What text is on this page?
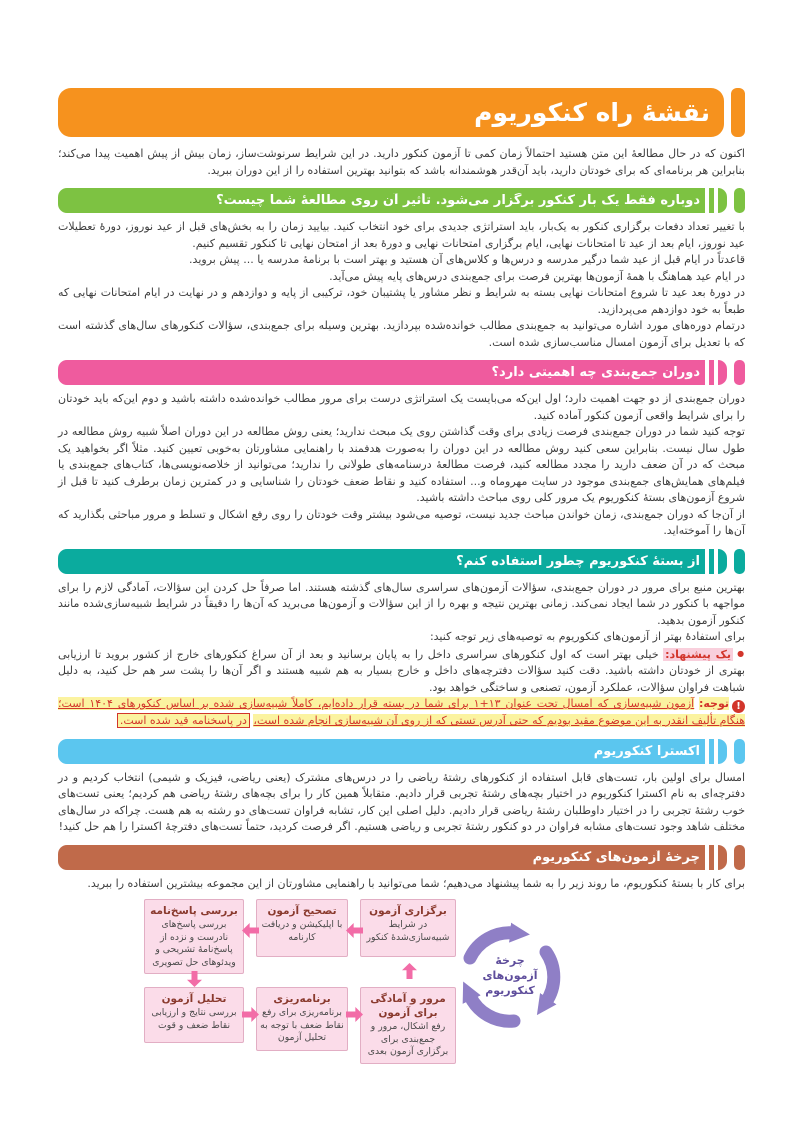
نقشهٔ راه کنکوریوم

اکنون که در حال مطالعهٔ این متن هستید احتمالاً زمان کمی تا آزمون کنکور دارید. در این شرایط سرنوشت‌ساز، زمان بیش از پیش اهمیت پیدا می‌کند؛ بنابراین هر برنامه‌ای که برای خودتان دارید، باید آن‌قدر هوشمندانه باشد که بتوانید بهترین استفاده را از این دوران ببرید.

دوباره فقط یک بار کنکور برگزار می‌شود. تأثیر آن روی مطالعهٔ شما چیست؟

با تغییر تعداد دفعات برگزاری کنکور به یک‌بار، باید استراتژی جدیدی برای خود انتخاب کنید. بیایید زمان را به بخش‌های قبل از عید نوروز، دورهٔ تعطیلات عید نوروز، ایام بعد از عید تا امتحانات نهایی، ایام برگزاری امتحانات نهایی و دورهٔ بعد از امتحان نهایی تا کنکور تقسیم کنیم.

قاعدتاً در ایام قبل از عید شما درگیر مدرسه و درس‌ها و کلاس‌های آن هستید و بهتر است با برنامهٔ مدرسه یا ... پیش بروید.

در ایام عید هماهنگ با همهٔ آزمون‌ها بهترین فرصت برای جمع‌بندی درس‌های پایه پیش می‌آید.

در دورهٔ بعد عید تا شروع امتحانات نهایی بسته به شرایط و نظر مشاور یا پشتیبان خود، ترکیبی از پایه و دوازدهم و در نهایت در ایام امتحانات نهایی که طبعاً به خود دوازدهم می‌پردازید.

درتمام دوره‌های مورد اشاره می‌توانید به جمع‌بندی مطالب خوانده‌شده بپردازید. بهترین وسیله برای جمع‌بندی، سؤالات کنکورهای سال‌های گذشته است که با تعدیل برای آزمون امسال مناسب‌سازی شده است.

دوران جمع‌بندی چه اهمیتی دارد؟

دوران جمع‌بندی از دو جهت اهمیت دارد؛ اول این‌که می‌بایست یک استراتژی درست برای مرور مطالب خوانده‌شده داشته باشید و دوم این‌که باید خودتان را برای شرایط واقعی آزمون کنکور آماده کنید.

توجه کنید شما در دوران جمع‌بندی فرصت زیادی برای وقت گذاشتن روی یک مبحث ندارید؛ یعنی روش مطالعه در این دوران اصلاً شبیه روش مطالعه در طول سال نیست. بنابراین سعی کنید روش مطالعه در این دوران را به‌صورت هدفمند با راهنمایی مشاورتان به‌خوبی تعیین کنید. مثلاً اگر بخواهید یک مبحث که در آن ضعف دارید را مجدد مطالعه کنید، فرصت مطالعهٔ درسنامه‌های طولانی را ندارید؛ می‌توانید از خلاصه‌نویسی‌ها، کتاب‌های جمع‌بندی یا فیلم‌های همایش‌های جمع‌بندی موجود در سایت مهروماه و... استفاده کنید و نقاط ضعف خودتان را شناسایی و در کمترین زمان برطرف کنید تا قبل از شروع آزمون‌های بستهٔ کنکوریوم یک مرور کلی روی مباحث داشته باشید.

از آن‌جا که دوران جمع‌بندی، زمان خواندن مباحث جدید نیست، توصیه می‌شود بیشتر وقت خودتان را روی رفع اشکال و تسلط و مرور مباحثی بگذارید که آن‌ها را آموخته‌اید.

از بستهٔ کنکوریوم چطور استفاده کنم؟

بهترین منبع برای مرور در دوران جمع‌بندی، سؤالات آزمون‌های سراسری سال‌های گذشته هستند. اما صرفاً حل کردن این سؤالات، آمادگی لازم را برای مواجهه با کنکور در شما ایجاد نمی‌کند. زمانی بهترین نتیجه و بهره را از این سؤالات و آزمون‌ها می‌برید که آن‌ها را دقیقاً در شرایط شبیه‌سازی‌شده مانند کنکور آزمون بدهید.

برای استفادهٔ بهتر از آزمون‌های کنکوریوم به توصیه‌های زیر توجه کنید:

●یک پیشنهاد: خیلی بهتر است که اول کنکورهای سراسری داخل را به پایان برسانید و بعد از آن سراغ کنکورهای خارج از کشور بروید تا ارزیابی بهتری از خودتان داشته باشید. دقت کنید سؤالات دفترچه‌های داخل و خارج بسیار به هم شبیه هستند و اگر آن‌ها را پشت سر هم حل کنید، به دلیل شباهت فراوان سؤالات، عملکرد آزمون، تصنعی و ساختگی خواهد بود.

!توجه: آزمون شبیه‌سازی که امسال تحت عنوان ۱۳+۱ برای شما در بسته قرار داده‌ایم، کاملاً شبیه‌سازی شده بر اساس کنکورهای ۱۴۰۴ است؛ هنگام تألیف انقدر به این موضوع مقید بودیم که حتی آدرس تستی که از روی آن شبیه‌سازی انجام شده است، در پاسخنامه قید شده است.

اکسترا کنکوریوم

امسال برای اولین بار، تست‌های قابل استفاده از کنکورهای رشتهٔ ریاضی را در درس‌های مشترک (یعنی ریاضی، فیزیک و شیمی) انتخاب کردیم و در دفترچه‌ای به نام اکسترا کنکوریوم در اختیار بچه‌های رشتهٔ تجربی قرار دادیم. متقابلاً همین کار را برای بچه‌های رشتهٔ ریاضی هم کردیم؛ یعنی تست‌های خوب رشتهٔ تجربی را در اختیار داوطلبان رشتهٔ ریاضی قرار دادیم. دلیل اصلی این کار، تشابه فراوان تست‌های دو رشته به هم هست. چراکه در سال‌های مختلف شاهد وجود تست‌های مشابه فراوان در دو کنکور رشتهٔ تجربی و ریاضی هستیم. اگر فرصت کردید، حتماً تست‌های دفترچهٔ اکسترا را هم حل کنید!

چرخهٔ آزمون‌های کنکوریوم

برای کار با بستهٔ کنکوریوم، ما روند زیر را به شما پیشنهاد می‌دهیم؛ شما می‌توانید با راهنمایی مشاورتان از این مجموعه بیشترین استفاده را ببرید.

برگزاری آزمون
در شرایط شبیه‌سازی‌شدهٔ کنکور
تصحیح آزمون
با اپلیکیشن و دریافت کارنامه
بررسی پاسخ‌نامه
بررسی پاسخ‌های نادرست و نزده از پاسخ‌نامهٔ تشریحی و ویدئوهای حل تصویری
تحلیل آزمون
بررسی نتایج و ارزیابی نقاط ضعف و قوت
برنامه‌ریزی
برنامه‌ریزی برای رفع نقاط ضعف با توجه به تحلیل آزمون
مرور و آمادگی برای آزمون
رفع اشکال، مرور و جمع‌بندی برای برگزاری آزمون بعدی
چرخهٔ
آزمون‌های
کنکوریوم
